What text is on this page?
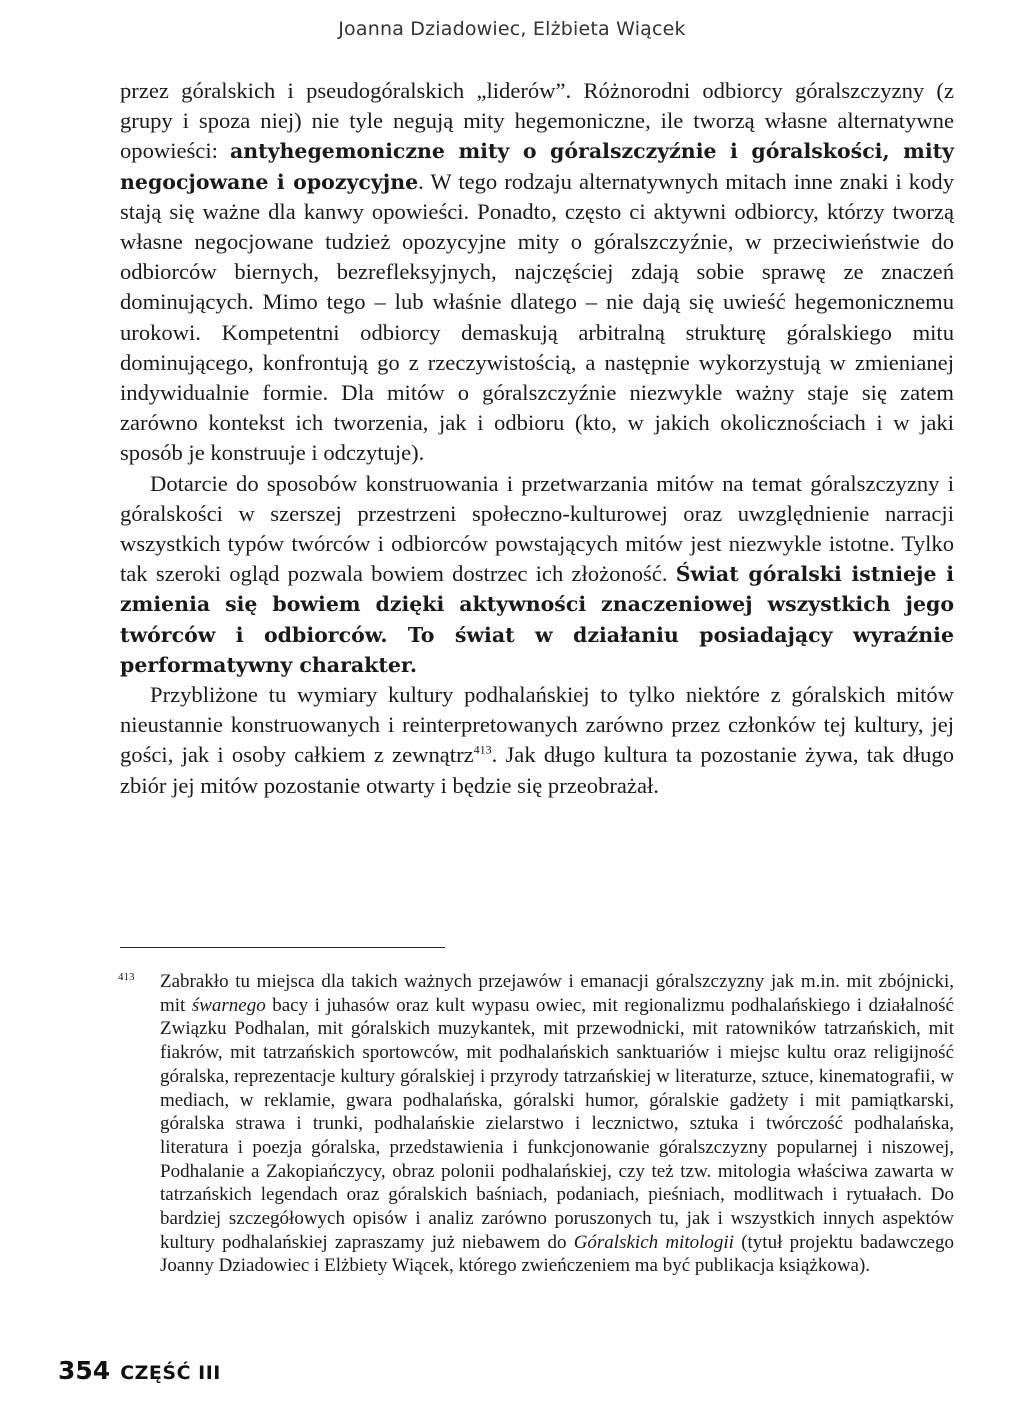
Joanna Dziadowiec, Elżbieta Wiącek

przez góralskich i pseudogóralskich „liderów”. Różnorodni odbiorcy góralszczyzny (z grupy i spoza niej) nie tyle negują mity hegemoniczne, ile tworzą własne alternatywne opowieści: antyhegemoniczne mity o góralszczyźnie i góralskości, mity negocjowane i opozycyjne. W tego rodzaju alternatywnych mitach inne znaki i kody stają się ważne dla kanwy opowieści. Ponadto, często ci aktywni odbiorcy, którzy tworzą własne negocjowane tudzież opozycyjne mity o góralszczyźnie, w przeciwieństwie do odbiorców biernych, bezrefleksyjnych, najczęściej zdają sobie sprawę ze znaczeń dominujących. Mimo tego – lub właśnie dlatego – nie dają się uwieść hegemonicznemu urokowi. Kompetentni odbiorcy demaskują arbitralną strukturę góralskiego mitu dominującego, konfrontują go z rzeczywistością, a następnie wykorzystują w zmienianej indywidualnie formie. Dla mitów o góralszczyźnie niezwykle ważny staje się zatem zarówno kontekst ich tworzenia, jak i odbioru (kto, w jakich okolicznościach i w jaki sposób je konstruuje i odczytuje).

Dotarcie do sposobów konstruowania i przetwarzania mitów na temat góralszczyzny i góralskości w szerszej przestrzeni społeczno-kulturowej oraz uwzględnienie narracji wszystkich typów twórców i odbiorców powstających mitów jest niezwykle istotne. Tylko tak szeroki ogląd pozwala bowiem dostrzec ich złożoność. Świat góralski istnieje i zmienia się bowiem dzięki aktywności znaczeniowej wszystkich jego twórców i odbiorców. To świat w działaniu posiadający wyraźnie performatywny charakter.

Przybliżone tu wymiary kultury podhalańskiej to tylko niektóre z góralskich mitów nieustannie konstruowanych i reinterpretowanych zarówno przez członków tej kultury, jej gości, jak i osoby całkiem z zewnątrz$^{413}$. Jak długo kultura ta pozostanie żywa, tak długo zbiór jej mitów pozostanie otwarty i będzie się przeobrażał.

413 Zabrakło tu miejsca dla takich ważnych przejawów i emanacji góralszczyzny jak m.in. mit zbójnicki, mit śwarnego bacy i juhasów oraz kult wypasu owiec, mit regionalizmu podhalańskiego i działalność Związku Podhalan, mit góralskich muzykantek, mit przewodnicki, mit ratowników tatrzańskich, mit fiakrów, mit tatrzańskich sportowców, mit podhalańskich sanktuariów i miejsc kultu oraz religijność góralska, reprezentacje kultury góralskiej i przyrody tatrzańskiej w literaturze, sztuce, kinematografii, w mediach, w reklamie, gwara podhalańska, góralski humor, góralskie gadżety i mit pamiątkarski, góralska strawa i trunki, podhalańskie zielarstwo i lecznictwo, sztuka i twórczość podhalańska, literatura i poezja góralska, przedstawienia i funkcjonowanie góralszczyzny popularnej i niszowej, Podhalanie a Zakopiańczycy, obraz polonii podhalańskiej, czy też tzw. mitologia właściwa zawarta w tatrzańskich legendach oraz góralskich baśniach, podaniach, pieśniach, modlitwach i rytuałach. Do bardziej szczegółowych opisów i analiz zarówno poruszonych tu, jak i wszystkich innych aspektów kultury podhalańskiej zapraszamy już niebawem do Góralskich mitologii (tytuł projektu badawczego Joanny Dziadowiec i Elżbiety Wiącek, którego zwieńczeniem ma być publikacja książkowa).
354 CZĘŚĆ III
